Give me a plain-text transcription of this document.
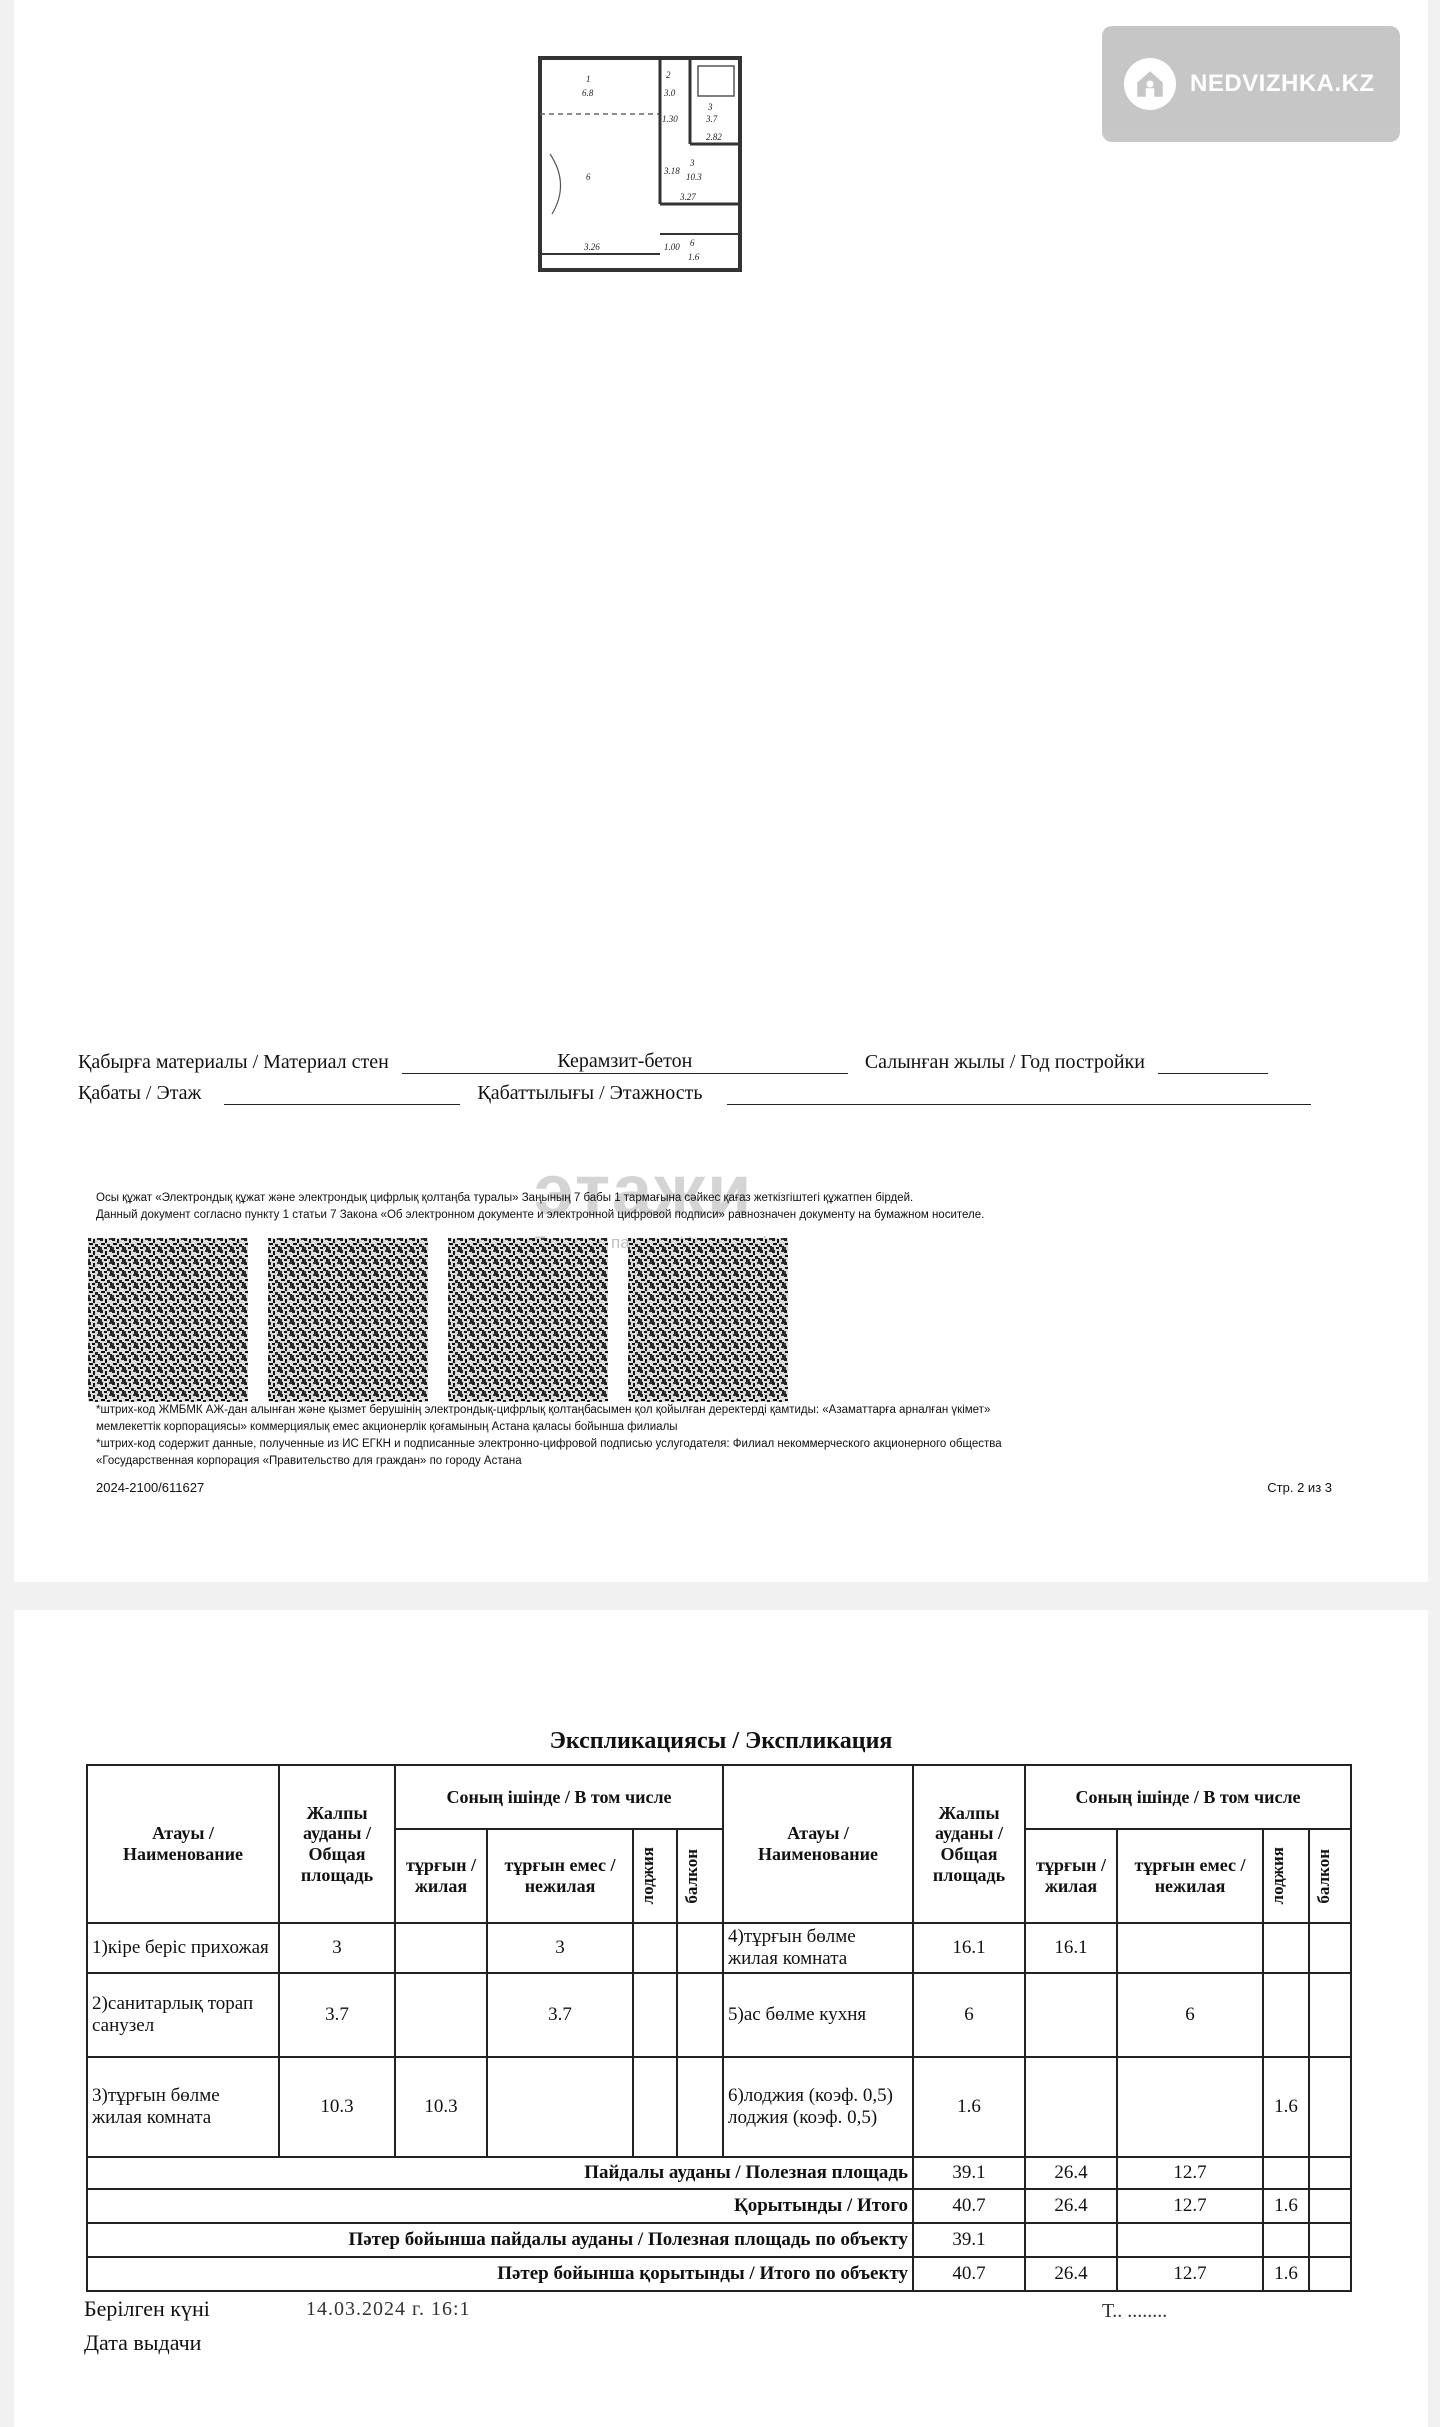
1
6.8
2
3.0
1.30
3
3.7
2.82
3
10.3
3.18
3.27
3.26	1.00 6
1.6
6
NEDVIZHKA.KZ
Қабырға материалы / Материал стен	Керамзит-бетон	Салынған жылы / Год постройки
Қабаты / Этаж	Қабаттылығы / Этажность
этажи
Осы құжат «Электрондық құжат және электрондық цифрлық қолтаңба туралы» Заңының 7 бабы 1 тармағына сәйкес қағаз жеткізгіштегі құжатпен бірдей.
Данный документ согласно пункту 1 статьи 7 Закона «Об электронном документе и электронной цифровой подписи» равнозначен документу на бумажном носителе.
*штрих-код ЖМБМК АЖ-дан алынған және қызмет берушінің электрондық-цифрлық қолтаңбасымен қол қойылған деректерді қамтиды: «Азаматтарға арналған үкімет»
мемлекеттік корпорациясы» коммерциялық емес акционерлік қоғамының Астана қаласы бойынша филиалы
*штрих-код содержит данные, полученные из ИС ЕГКН и подписанные электронно-цифровой подписью услугодателя: Филиал некоммерческого акционерного общества
«Государственная корпорация «Правительство для граждан» по городу Астана
2024-2100/611627	Стр. 2 из 3
Экспликациясы / Экспликация
Атауы / Наименование	Жалпы ауданы / Общая площадь	Соның ішінде / В том числе				Атауы / Наименование	Жалпы ауданы / Общая площадь	Соның ішінде / В том числе			
		тұрғын / жилая	тұрғын емес / нежилая	лоджия	балкон			тұрғын / жилая	тұрғын емес / нежилая	лоджия	балкон

1)кіре беріс прихожая	3		3			4)тұрғын бөлме жилая комната	16.1	16.1			
2)санитарлық торап санузел	3.7		3.7			5)ас бөлме кухня	6		6		
3)тұрғын бөлме жилая комната	10.3	10.3				6)лоджия (коэф. 0,5) лоджия (коэф. 0,5)	1.6			1.6	
Пайдалы ауданы / Полезная площадь							39.1	26.4	12.7		
Қорытынды / Итого							40.7	26.4	12.7	1.6	
Пәтер бойынша пайдалы ауданы / Полезная площадь по объекту							39.1				
Пәтер бойынша қорытынды / Итого по объекту							40.7	26.4	12.7	1.6	
Берілген күні
Дата выдачи
14.03.2024 г. 16:1	Т.. ........
